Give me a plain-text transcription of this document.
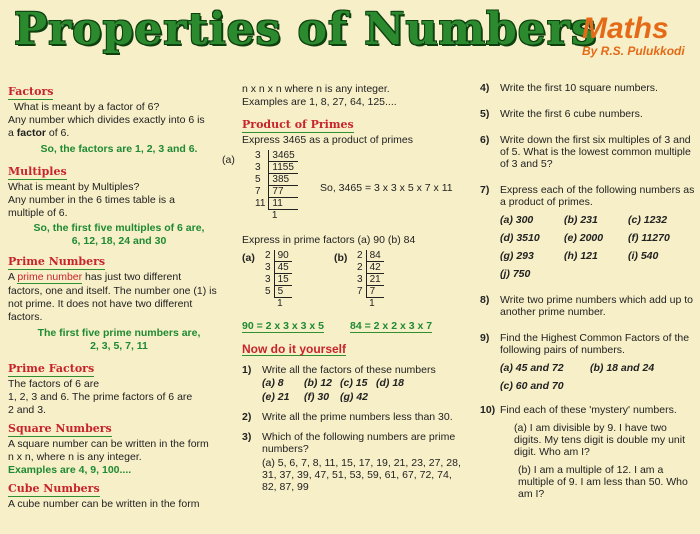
Properties of Numbers
Maths
By R.S. Pulukkodi
Factors

What is meant by a factor of 6?

Any number which divides exactly into 6 is

a factor of 6.

So, the factors are 1, 2, 3 and 6.

Multiples

What is meant by Multiples?

Any number in the 6 times table is a

multiple of 6.

So, the first five multiples of 6 are,

6, 12, 18, 24 and 30

Prime Numbers

A prime number has just two different

factors, one and itself. The number one (1) is

not prime. It does not have two different

factors.

The first five prime numbers are,

2, 3, 5, 7, 11

Prime Factors

The factors of 6 are

1, 2, 3 and 6. The prime factors of 6 are

2 and 3.

Square Numbers

A square number can be written in the form

n x n, where n is any integer.

Examples are 4, 9, 100....

Cube Numbers

A cube number can be written in the form

n x n x n where n is any integer.

Examples are 1, 8, 27, 64, 125....

Product of Primes

Express 3465 as a product of primes

(a) 3	3465
3	1155
5	385
7	77
11	11
	1
So, 3465 = 3 x 3 x 5 x 7 x 11

Express in prime factors (a) 90 (b) 84

(a) 2	90
3	45
3	15
5	5
	1
(b) 2	84
2	42
3	21
7	7
	1
90 = 2 x 3 x 3 x 5 84 = 2 x 2 x 3 x 7
Now do it yourself
1)	Write all the factors of these numbers
(a) 8	(b) 12 (c) 15 (d) 18
(e) 21	(f) 30	(g) 42
2)	Write all the prime numbers less than 30.
3)	Which of the following numbers are prime numbers?
(a) 5, 6, 7, 8, 11, 15, 17, 19, 21, 23, 27, 28, 31, 37, 39, 47, 51, 53, 59, 61, 67, 72, 74, 82, 87, 99
4)	Write the first 10 square numbers.
5)	Write the first 6 cube numbers.
6)	Write down the first six multiples of 3 and of 5. What is the lowest common multiple of 3 and 5?
7)	Express each of the following numbers as a product of primes.
(a) 300	(b) 231	(c) 1232
(d) 3510	(e) 2000	(f) 11270
(g) 293	(h) 121	(i) 540
(j) 750
8)	Write two prime numbers which add up to another prime number.
9)	Find the Highest Common Factors of the following pairs of numbers.
(a) 45 and 72	(b) 18 and 24
(c) 60 and 70
10) Find each of these 'mystery' numbers.

(a) I am divisible by 9. I have two digits. My tens digit is double my unit digit. Who am I?

(b) I am a multiple of 12. I am a multiple of 9. I am less than 50. Who am I?
